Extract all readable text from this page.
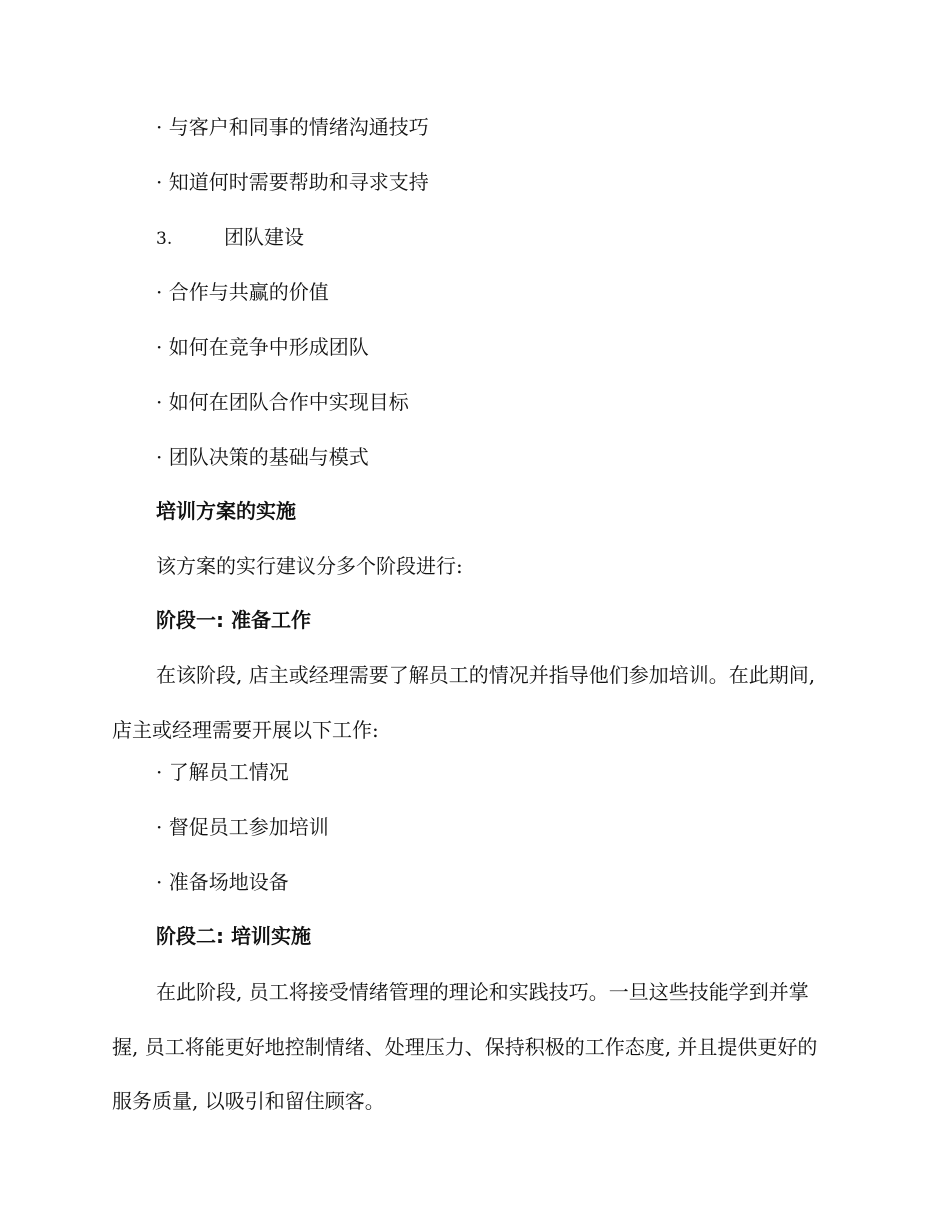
· 与客户和同事的情绪沟通技巧
· 知道何时需要帮助和寻求支持
3.	团队建设
· 合作与共赢的价值
· 如何在竞争中形成团队
· 如何在团队合作中实现目标
· 团队决策的基础与模式
培训方案的实施
该方案的实行建议分多个阶段进行:
阶段一: 准备工作

在该阶段, 店主或经理需要了解员工的情况并指导他们参加培训。在此期间, 店主或经理需要开展以下工作:

· 了解员工情况
· 督促员工参加培训
· 准备场地设备
阶段二: 培训实施

在此阶段, 员工将接受情绪管理的理论和实践技巧。一旦这些技能学到并掌握, 员工将能更好地控制情绪、处理压力、保持积极的工作态度, 并且提供更好的服务质量, 以吸引和留住顾客。
